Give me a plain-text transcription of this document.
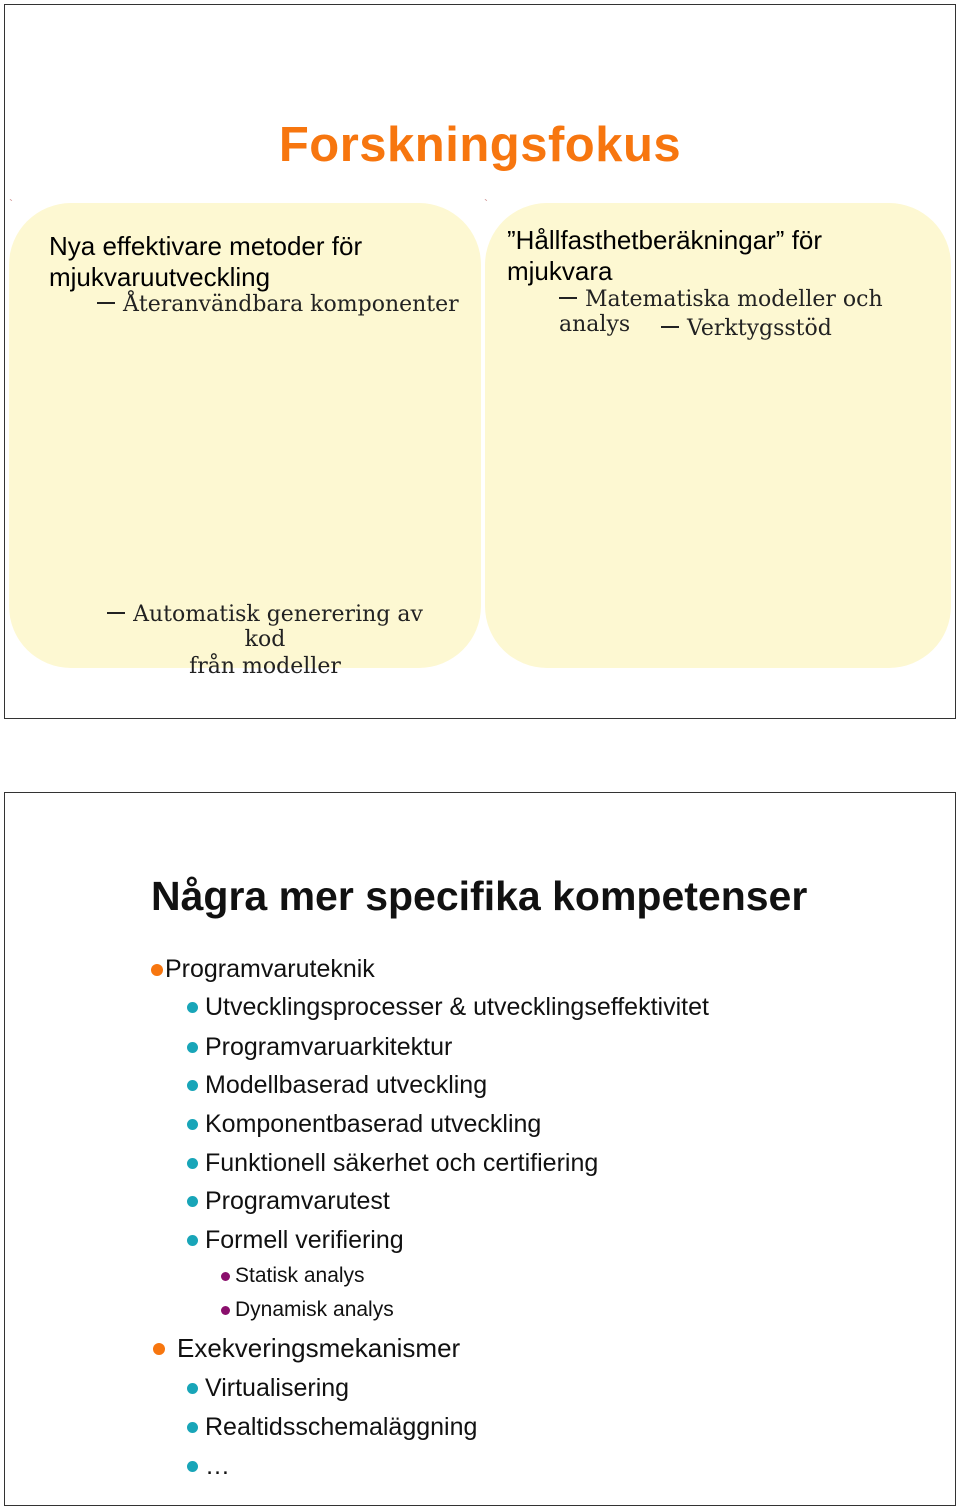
Forskningsfokus
`	`
Nya effektivare metoder för
mjukvaruutveckling
Återanvändbara komponenter
Automatisk generering av kod
från modeller
”Hållfasthetberäkningar” för
mjukvara
Matematiska modeller och analys	Verktygsstöd
Några mer specifika kompetenser
Programvaruteknik
Utvecklingsprocesser & utvecklingseffektivitet
Programvaruarkitektur
Modellbaserad utveckling
Komponentbaserad utveckling
Funktionell säkerhet och certifiering
Programvarutest
Formell verifiering
Statisk analys
Dynamisk analys
Exekveringsmekanismer
Virtualisering
Realtidsschemaläggning
…
